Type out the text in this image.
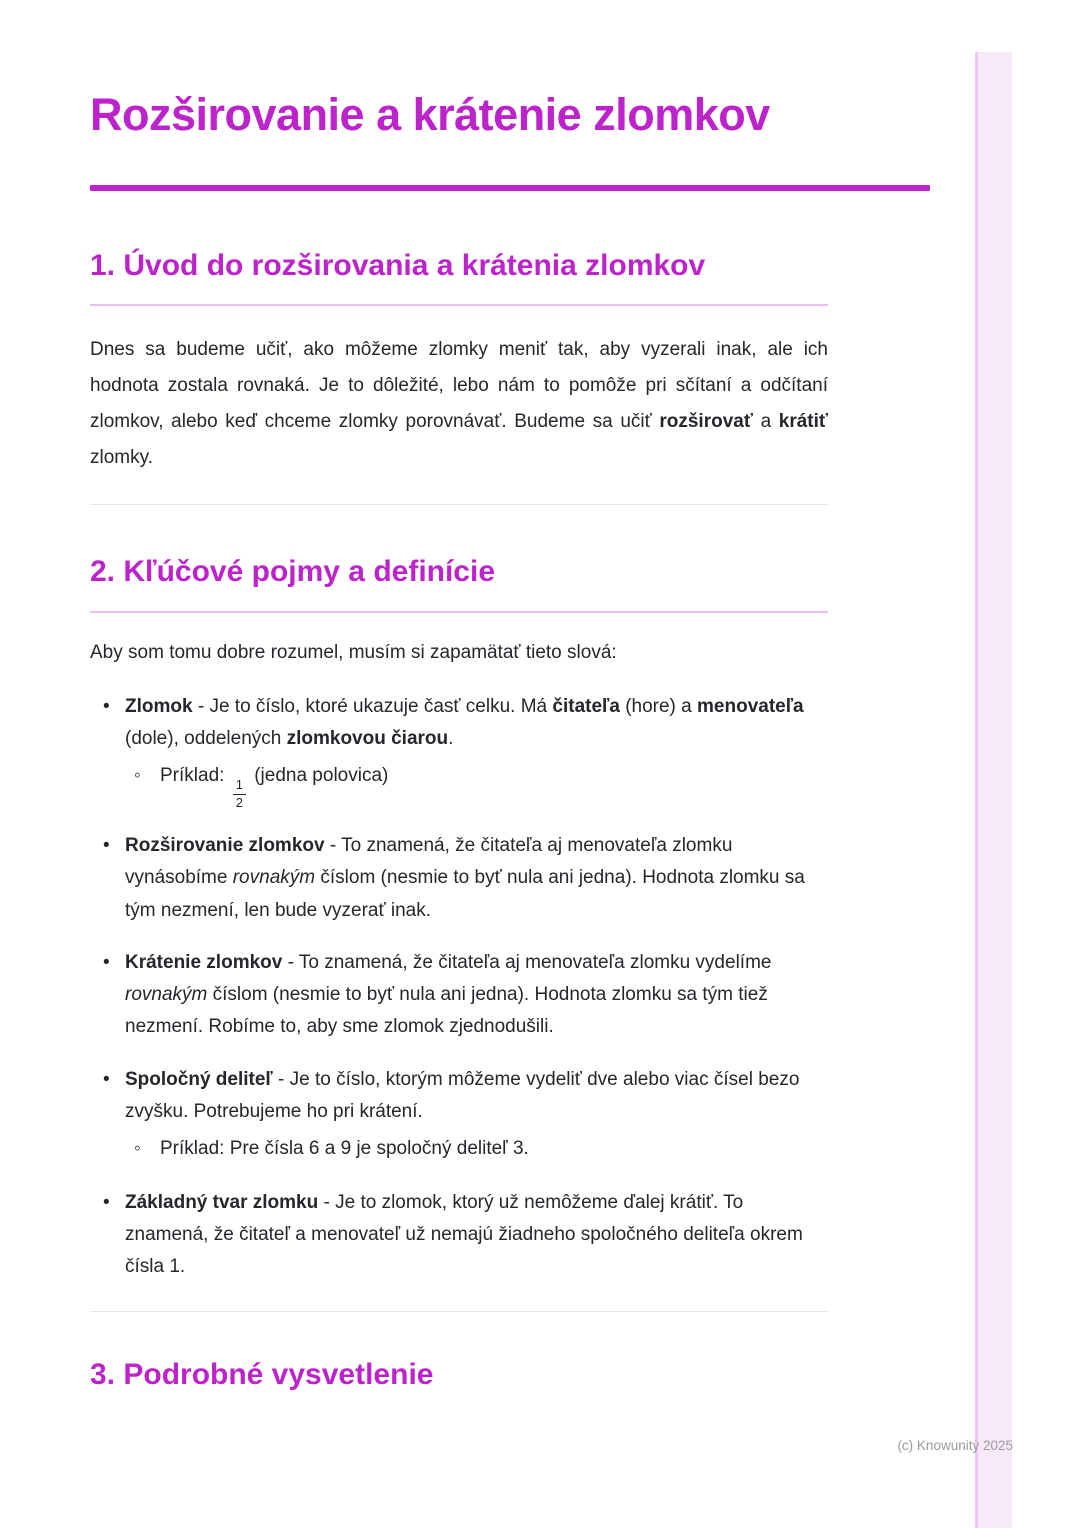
Rozširovanie a krátenie zlomkov
1. Úvod do rozširovania a krátenia zlomkov

Dnes sa budeme učiť, ako môžeme zlomky meniť tak, aby vyzerali inak, ale ich hodnota zostala rovnaká. Je to dôležité, lebo nám to pomôže pri sčítaní a odčítaní zlomkov, alebo keď chceme zlomky porovnávať. Budeme sa učiť rozširovať a krátiť zlomky.

2. Kľúčové pojmy a definície

Aby som tomu dobre rozumel, musím si zapamätať tieto slová:

• Zlomok - Je to číslo, ktoré ukazuje časť celku. Má čitateľa (hore) a menovateľa (dole), oddelených zlomkovou čiarou.
◦ Príklad:
$\frac{1}{2}$
(jedna polovica)
• Rozširovanie zlomkov - To znamená, že čitateľa aj menovateľa zlomku vynásobíme rovnakým číslom (nesmie to byť nula ani jedna). Hodnota zlomku sa tým nezmení, len bude vyzerať inak.
• Krátenie zlomkov - To znamená, že čitateľa aj menovateľa zlomku vydelíme rovnakým číslom (nesmie to byť nula ani jedna). Hodnota zlomku sa tým tiež nezmení. Robíme to, aby sme zlomok zjednodušili.
• Spoločný deliteľ - Je to číslo, ktorým môžeme vydeliť dve alebo viac čísel bezo zvyšku. Potrebujeme ho pri krátení.
◦ Príklad: Pre čísla 6 a 9 je spoločný deliteľ 3.
• Základný tvar zlomku - Je to zlomok, ktorý už nemôžeme ďalej krátiť. To znamená, že čitateľ a menovateľ už nemajú žiadneho spoločného deliteľa okrem čísla 1.
3. Podrobné vysvetlenie
(c) Knowunity 2025
